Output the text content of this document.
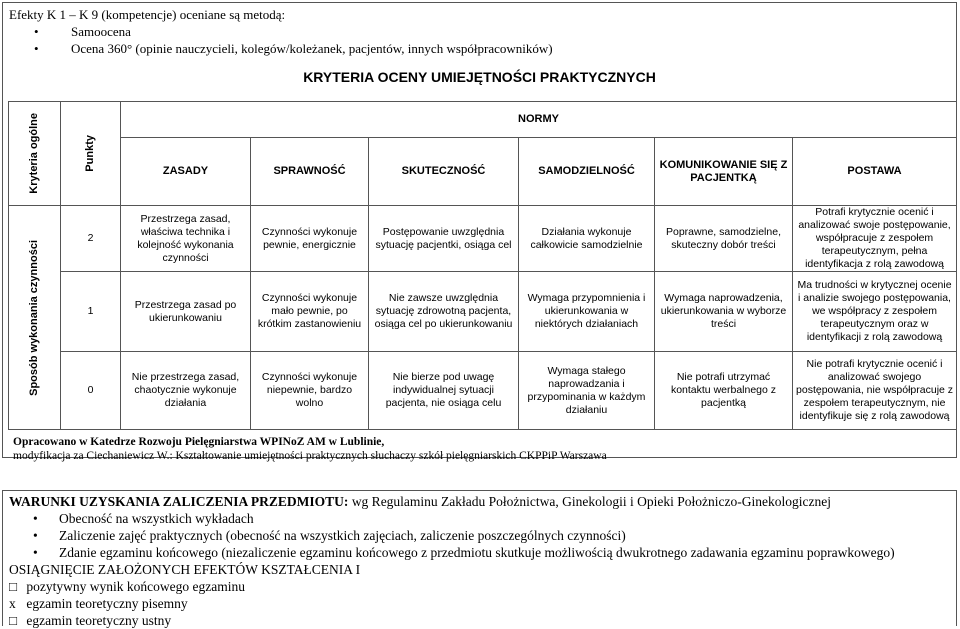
Efekty K 1 – K 9 (kompetencje) oceniane są metodą:
• Samoocena
• Ocena 360° (opinie nauczycieli, kolegów/koleżanek, pacjentów, innych współpracowników)
KRYTERIA OCENY UMIEJĘTNOŚCI PRAKTYCZNYCH
Kryteria ogólne	Punkty	NORMY					
		ZASADY	SPRAWNOŚĆ	SKUTECZNOŚĆ	SAMODZIELNOŚĆ	KOMUNIKOWANIE SIĘ Z PACJENTKĄ	POSTAWA

Sposób wykonania czynności	2	Przestrzega zasad, właściwa technika i kolejność wykonania czynności	Czynności wykonuje pewnie, energicznie	Postępowanie uwzględnia sytuację pacjentki, osiąga cel	Działania wykonuje całkowicie samodzielnie	Poprawne, samodzielne, skuteczny dobór treści	Potrafi krytycznie ocenić i analizować swoje postępowanie, współpracuje z zespołem terapeutycznym, pełna identyfikacja z rolą zawodową
	1	Przestrzega zasad po ukierunkowaniu	Czynności wykonuje mało pewnie, po krótkim zastanowieniu	Nie zawsze uwzględnia sytuację zdrowotną pacjenta, osiąga cel po ukierunkowaniu	Wymaga przypomnienia i ukierunkowania w niektórych działaniach	Wymaga naprowadzenia, ukierunkowania w wyborze treści	Ma trudności w krytycznej ocenie i analizie swojego postępowania, we współpracy z zespołem terapeutycznym oraz w identyfikacji z rolą zawodową
	0	Nie przestrzega zasad, chaotycznie wykonuje działania	Czynności wykonuje niepewnie, bardzo wolno	Nie bierze pod uwagę indywidualnej sytuacji pacjenta, nie osiąga celu	Wymaga stałego naprowadzania i przypominania w każdym działaniu	Nie potrafi utrzymać kontaktu werbalnego z pacjentką	Nie potrafi krytycznie ocenić i analizować swojego postępowania, nie współpracuje z zespołem terapeutycznym, nie identyfikuje się z rolą zawodową
Opracowano w Katedrze Rozwoju Pielęgniarstwa WPINoZ AM w Lublinie,
modyfikacja za Ciechaniewicz W.: Kształtowanie umiejętności praktycznych słuchaczy szkół pielęgniarskich CKPPiP Warszawa
WARUNKI UZYSKANIA ZALICZENIA PRZEDMIOTU: wg Regulaminu Zakładu Położnictwa, Ginekologii i Opieki Położniczo-Ginekologicznej
• Obecność na wszystkich wykładach
• Zaliczenie zajęć praktycznych (obecność na wszystkich zajęciach, zaliczenie poszczególnych czynności)
• Zdanie egzaminu końcowego (niezaliczenie egzaminu końcowego z przedmiotu skutkuje możliwością dwukrotnego zadawania egzaminu poprawkowego)
OSIĄGNIĘCIE ZAŁOŻONYCH EFEKTÓW KSZTAŁCENIA I
□ pozytywny wynik końcowego egzaminu
x egzamin teoretyczny pisemny
□ egzamin teoretyczny ustny
